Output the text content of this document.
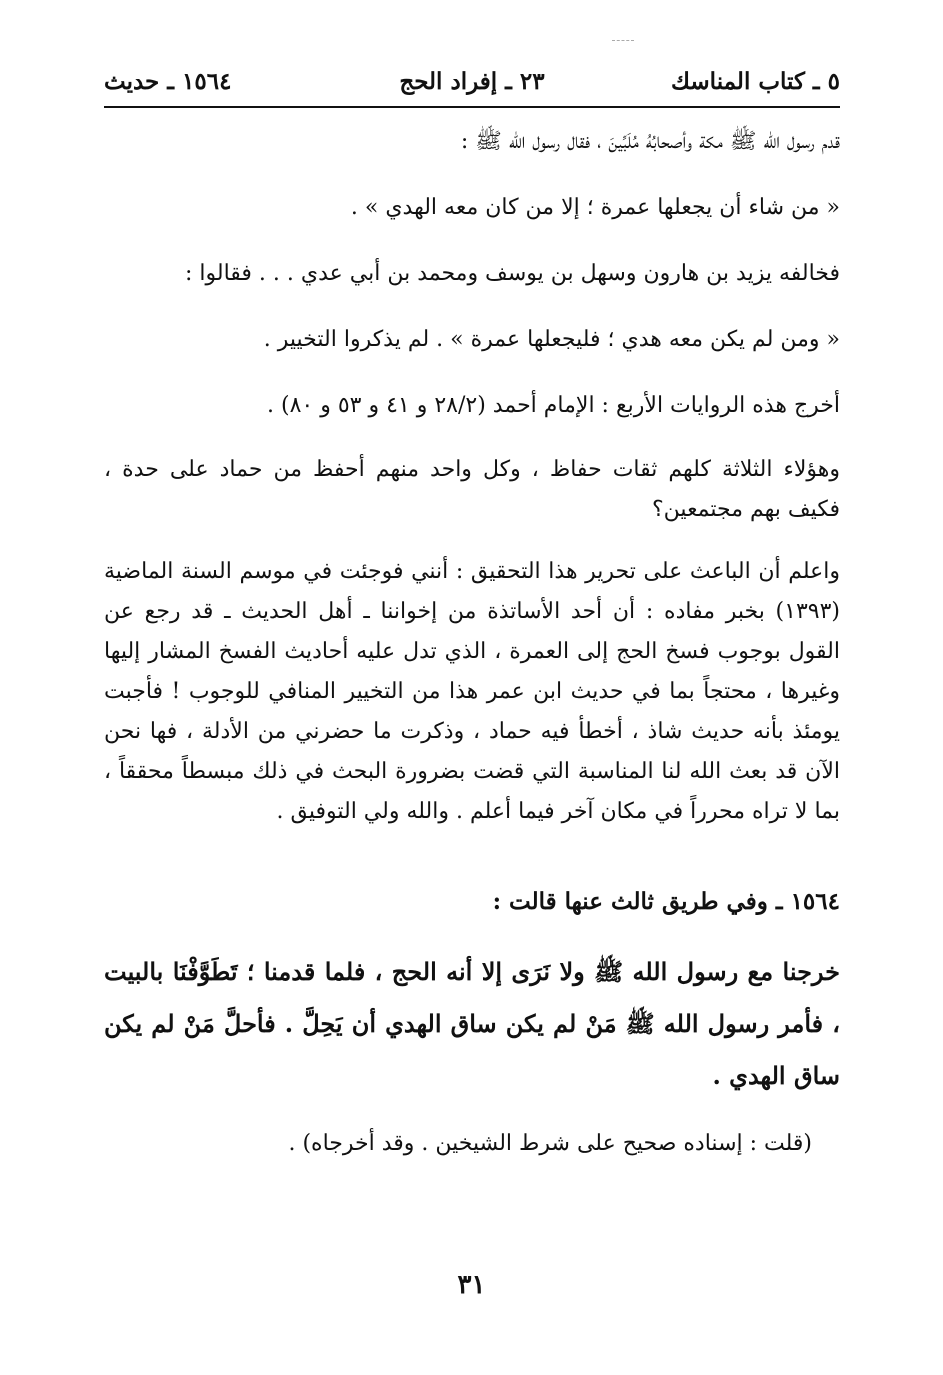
٥ ـ كتاب المناسك
٢٣ ـ إفراد الحج
١٥٦٤ ـ حديث

قدم رسول الله ﷺ مكة وأصحابُهُ مُلَبِّينَ ، فقال رسول الله ﷺ :

« من شاء أن يجعلها عمرة ؛ إلا من كان معه الهدي » .

فخالفه يزيد بن هارون وسهل بن يوسف ومحمد بن أبي عدي . . . فقالوا :

« ومن لم يكن معه هدي ؛ فليجعلها عمرة » . لم يذكروا التخيير .

أخرج هذه الروايات الأربع : الإمام أحمد (٢٨/٢ و ٤١ و ٥٣ و ٨٠) .

وهؤلاء الثلاثة كلهم ثقات حفاظ ، وكل واحد منهم أحفظ من حماد على حدة ، فكيف بهم مجتمعين؟

واعلم أن الباعث على تحرير هذا التحقيق : أنني فوجئت في موسم السنة الماضية (١٣٩٣) بخبر مفاده : أن أحد الأساتذة من إخواننا ـ أهل الحديث ـ قد رجع عن القول بوجوب فسخ الحج إلى العمرة ، الذي تدل عليه أحاديث الفسخ المشار إليها وغيرها ، محتجاً بما في حديث ابن عمر هذا من التخيير المنافي للوجوب ! فأجبت يومئذ بأنه حديث شاذ ، أخطأ فيه حماد ، وذكرت ما حضرني من الأدلة ، فها نحن الآن قد بعث الله لنا المناسبة التي قضت بضرورة البحث في ذلك مبسطاً محققاً ، بما لا تراه محرراً في مكان آخر فيما أعلم . والله ولي التوفيق .

١٥٦٤ ـ وفي طريق ثالث عنها قالت :

خرجنا مع رسول الله ﷺ ولا نَرَى إلا أنه الحج ، فلما قدمنا ؛ تَطَوَّفْنَا بالبيت ، فأمر رسول الله ﷺ مَنْ لم يكن ساق الهدي أن يَحِلَّ . فأحلَّ مَنْ لم يكن ساق الهدي .

(قلت : إسناده صحيح على شرط الشيخين . وقد أخرجاه) .

٣١
